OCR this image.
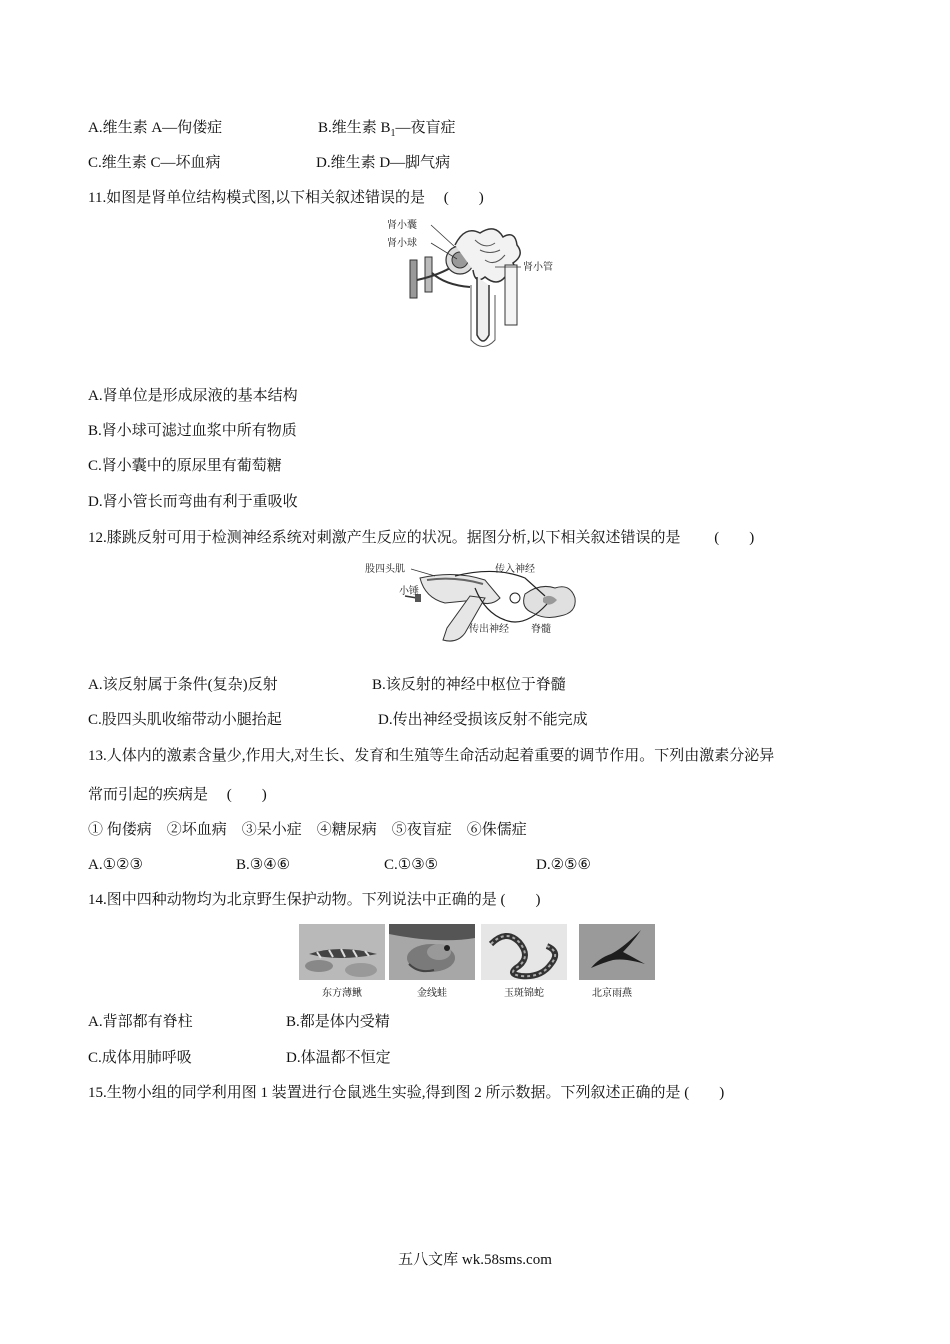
A.维生素 A—佝偻症	B.维生素 $B_1—$夜盲症
C.维生素 C—坏血病	D.维生素 D—脚气病
11.如图是肾单位结构模式图,以下相关叙述错误的是　 (　　)
肾小囊
肾小球
肾小管
A.肾单位是形成尿液的基本结构
B.肾小球可滤过血浆中所有物质
C.肾小囊中的原尿里有葡萄糖
D.肾小管长而弯曲有利于重吸收
12.膝跳反射可用于检测神经系统对刺激产生反应的状况。据图分析,以下相关叙述错误的是　　 (　　)
股四头肌	传入神经
小锤
传出神经 脊髓
A.该反射属于条件(复杂)反射	B.该反射的神经中枢位于脊髓
C.股四头肌收缩带动小腿抬起	D.传出神经受损该反射不能完成
13.人体内的激素含量少,作用大,对生长、发育和生殖等生命活动起着重要的调节作用。下列由激素分泌异
常而引起的疾病是　 (　　)
① 佝偻病　②坏血病　③呆小症　④糖尿病　⑤夜盲症　⑥侏儒症
A.①②③	B.③④⑥	C.①③⑤	D.②⑤⑥
14.图中四种动物均为北京野生保护动物。下列说法中正确的是 (　　)
东方薄鳅	金线蛙	玉斑锦蛇	北京雨燕
A.背部都有脊柱	B.都是体内受精
C.成体用肺呼吸	D.体温都不恒定
15.生物小组的同学利用图 1 装置进行仓鼠逃生实验,得到图 2 所示数据。下列叙述正确的是 (　　)
五八文库 wk.58sms.com
